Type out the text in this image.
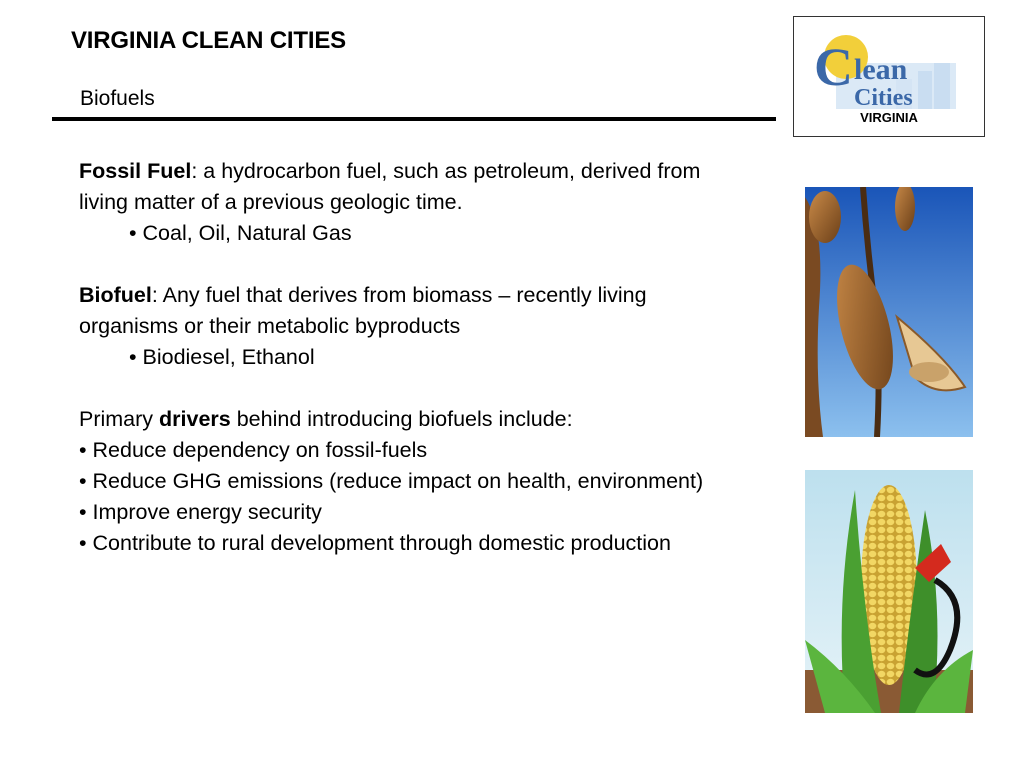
VIRGINIA CLEAN CITIES
Biofuels
C lean
Cities
VIRGINIA

Fossil Fuel: a hydrocarbon fuel, such as petroleum, derived from living matter of a previous geologic time.

• Coal, Oil, Natural Gas

Biofuel: Any fuel that derives from biomass – recently living organisms or their metabolic byproducts

• Biodiesel, Ethanol

Primary drivers behind introducing biofuels include:

• Reduce dependency on fossil-fuels

• Reduce GHG emissions (reduce impact on health, environment)

• Improve energy security

• Contribute to rural development through domestic production
